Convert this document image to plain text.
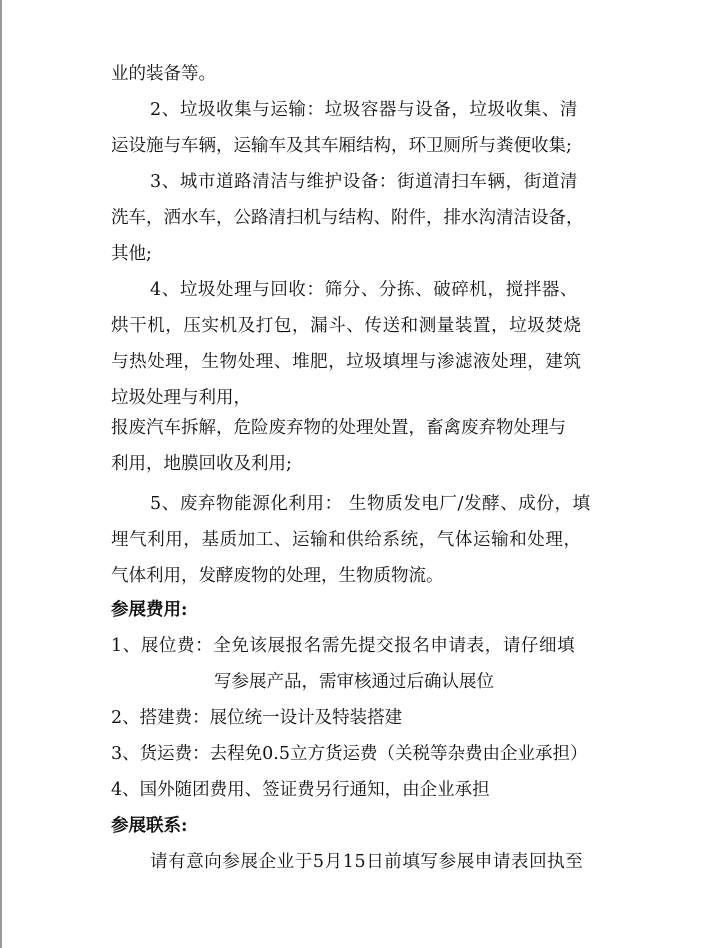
业的装备等。
2、垃圾收集与运输：垃圾容器与设备，垃圾收集、清
运设施与车辆，运输车及其车厢结构，环卫厕所与粪便收集;
3、城市道路清洁与维护设备：街道清扫车辆，街道清
洗车，洒水车，公路清扫机与结构、附件，排水沟清洁设备，
其他;
4、垃圾处理与回收：筛分、分拣、破碎机，搅拌器、
烘干机，压实机及打包，漏斗、传送和测量装置，垃圾焚烧
与热处理，生物处理、堆肥，垃圾填埋与渗滤液处理，建筑
垃圾处理与利用，
报废汽车拆解，危险废弃物的处理处置，畜禽废弃物处理与
利用，地膜回收及利用;
5、废弃物能源化利用： 生物质发电厂/发酵、成份，填
埋气利用，基质加工、运输和供给系统，气体运输和处理，
气体利用，发酵废物的处理，生物质物流。
参展费用:
1、展位费：全免该展报名需先提交报名申请表，请仔细填
写参展产品，需审核通过后确认展位
2、搭建费：展位统一设计及特装搭建
3、货运费：去程免0.5立方货运费（关税等杂费由企业承担）
4、国外随团费用、签证费另行通知，由企业承担
参展联系:
请有意向参展企业于5月15日前填写参展申请表回执至
